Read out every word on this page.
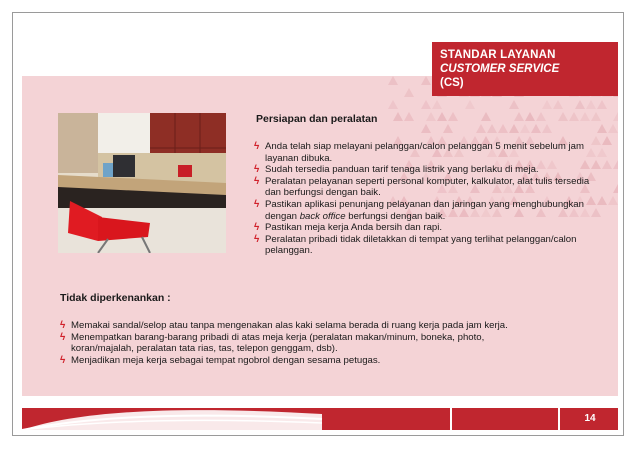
STANDAR LAYANAN
CUSTOMER SERVICE
(CS)
Persiapan dan peralatan
ϟ Anda telah siap melayani pelanggan/calon pelanggan 5 menit sebelum jam layanan dibuka.
ϟ Sudah tersedia panduan tarif tenaga listrik yang berlaku di meja.
ϟ Peralatan pelayanan seperti personal komputer, kalkulator, alat tulis tersedia dan berfungsi dengan baik.
ϟ Pastikan aplikasi penunjang pelayanan dan jaringan yang menghubungkan dengan back office berfungsi dengan baik.
ϟ Pastikan meja kerja Anda bersih dan rapi.
ϟ Peralatan pribadi tidak diletakkan di tempat yang terlihat pelanggan/calon pelanggan.
Tidak diperkenankan :
ϟ Memakai sandal/selop atau tanpa mengenakan alas kaki selama berada di ruang kerja pada jam kerja.
ϟ Menempatkan barang-barang pribadi di atas meja kerja (peralatan makan/minum, boneka, photo, koran/majalah, peralatan tata rias, tas, telepon genggam, dsb).
ϟ Menjadikan meja kerja sebagai tempat ngobrol dengan sesama petugas.
14
